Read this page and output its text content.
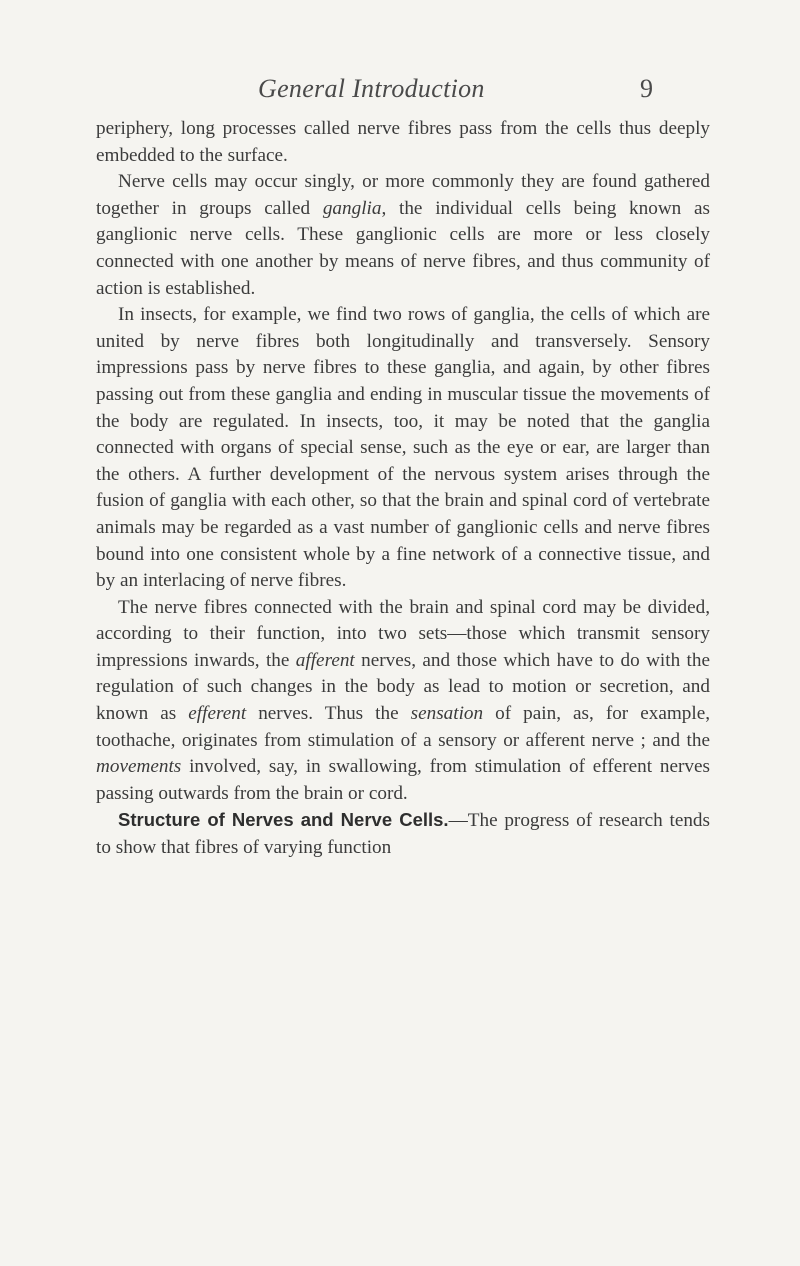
General Introduction	9

periphery, long processes called nerve fibres pass from the cells thus deeply embedded to the surface.

Nerve cells may occur singly, or more commonly they are found gathered together in groups called ganglia, the individual cells being known as ganglionic nerve cells. These ganglionic cells are more or less closely connected with one another by means of nerve fibres, and thus community of action is established.

In insects, for example, we find two rows of ganglia, the cells of which are united by nerve fibres both longitudinally and transversely. Sensory impressions pass by nerve fibres to these ganglia, and again, by other fibres passing out from these ganglia and ending in muscular tissue the movements of the body are regulated. In insects, too, it may be noted that the ganglia connected with organs of special sense, such as the eye or ear, are larger than the others. A further development of the nervous system arises through the fusion of ganglia with each other, so that the brain and spinal cord of vertebrate animals may be regarded as a vast number of ganglionic cells and nerve fibres bound into one consistent whole by a fine network of a connective tissue, and by an interlacing of nerve fibres.

The nerve fibres connected with the brain and spinal cord may be divided, according to their function, into two sets—those which transmit sensory impressions inwards, the afferent nerves, and those which have to do with the regulation of such changes in the body as lead to motion or secretion, and known as efferent nerves. Thus the sensation of pain, as, for example, toothache, originates from stimulation of a sensory or afferent nerve ; and the movements involved, say, in swallowing, from stimulation of efferent nerves passing outwards from the brain or cord.

Structure of Nerves and Nerve Cells.—The progress of research tends to show that fibres of varying function
